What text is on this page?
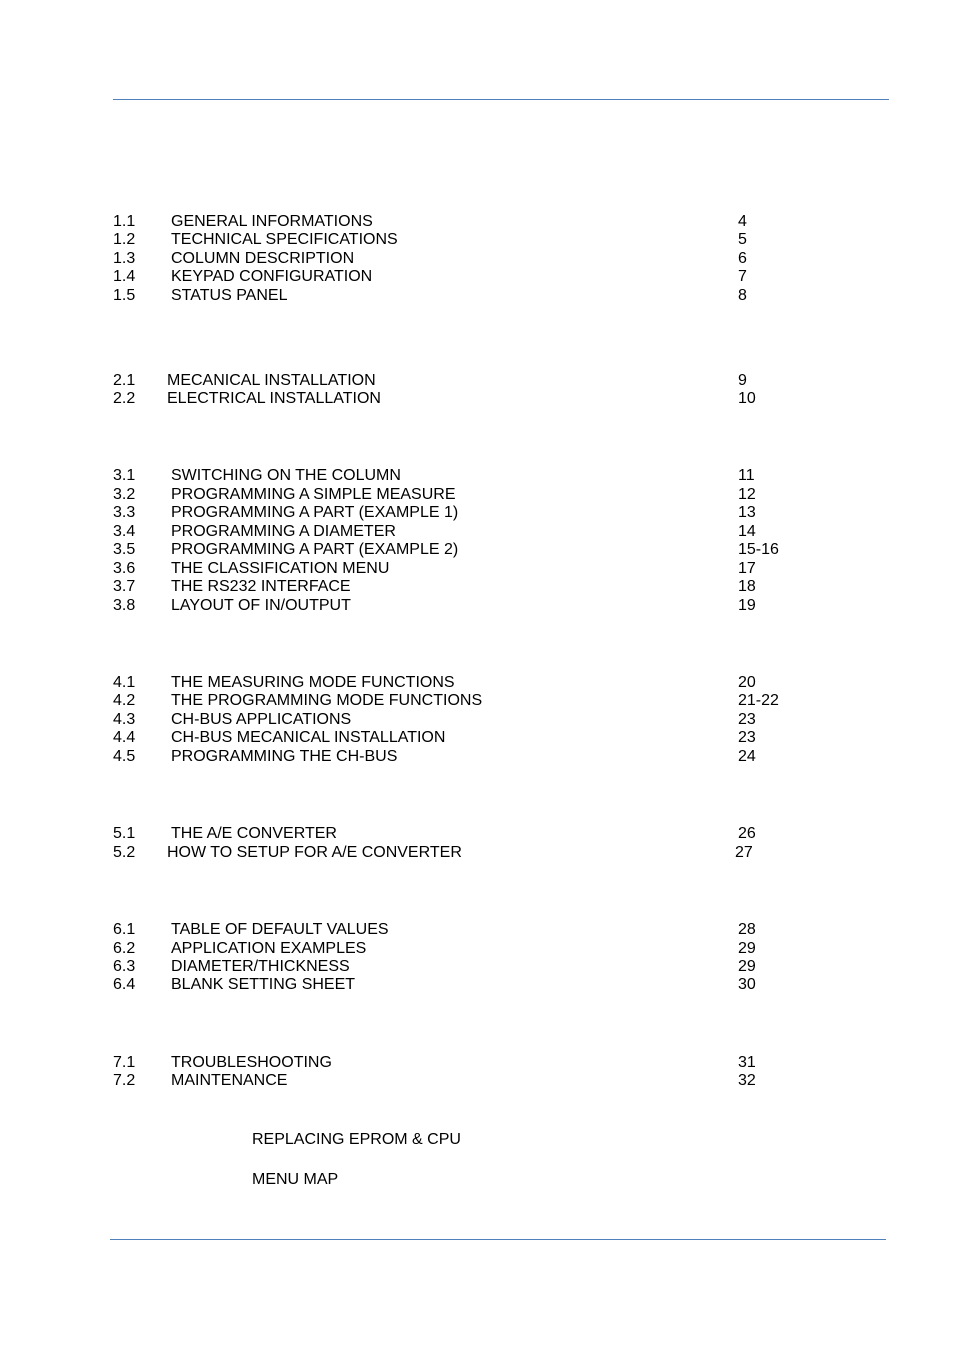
1.1 GENERAL INFORMATIONS	4
1.2 TECHNICAL SPECIFICATIONS	5
1.3 COLUMN DESCRIPTION	6
1.4 KEYPAD CONFIGURATION	7
1.5 STATUS PANEL	8
2.1 MECANICAL INSTALLATION	9
2.2 ELECTRICAL INSTALLATION	10
3.1 SWITCHING ON THE COLUMN	11
3.2 PROGRAMMING A SIMPLE MEASURE	12
3.3 PROGRAMMING A PART (EXAMPLE 1)	13
3.4 PROGRAMMING A DIAMETER	14
3.5 PROGRAMMING A PART (EXAMPLE 2)	15-16
3.6 THE CLASSIFICATION MENU	17
3.7 THE RS232 INTERFACE	18
3.8 LAYOUT OF IN/OUTPUT	19
4.1 THE MEASURING MODE FUNCTIONS	20
4.2 THE PROGRAMMING MODE FUNCTIONS	21-22
4.3 CH-BUS APPLICATIONS	23
4.4 CH-BUS MECANICAL INSTALLATION	23
4.5 PROGRAMMING THE CH-BUS	24
5.1 THE A/E CONVERTER	26
5.2 HOW TO SETUP FOR A/E CONVERTER	27
6.1 TABLE OF DEFAULT VALUES	28
6.2 APPLICATION EXAMPLES	29
6.3 DIAMETER/THICKNESS	29
6.4 BLANK SETTING SHEET	30
7.1 TROUBLESHOOTING	31
7.2 MAINTENANCE	32
REPLACING EPROM & CPU
MENU MAP
